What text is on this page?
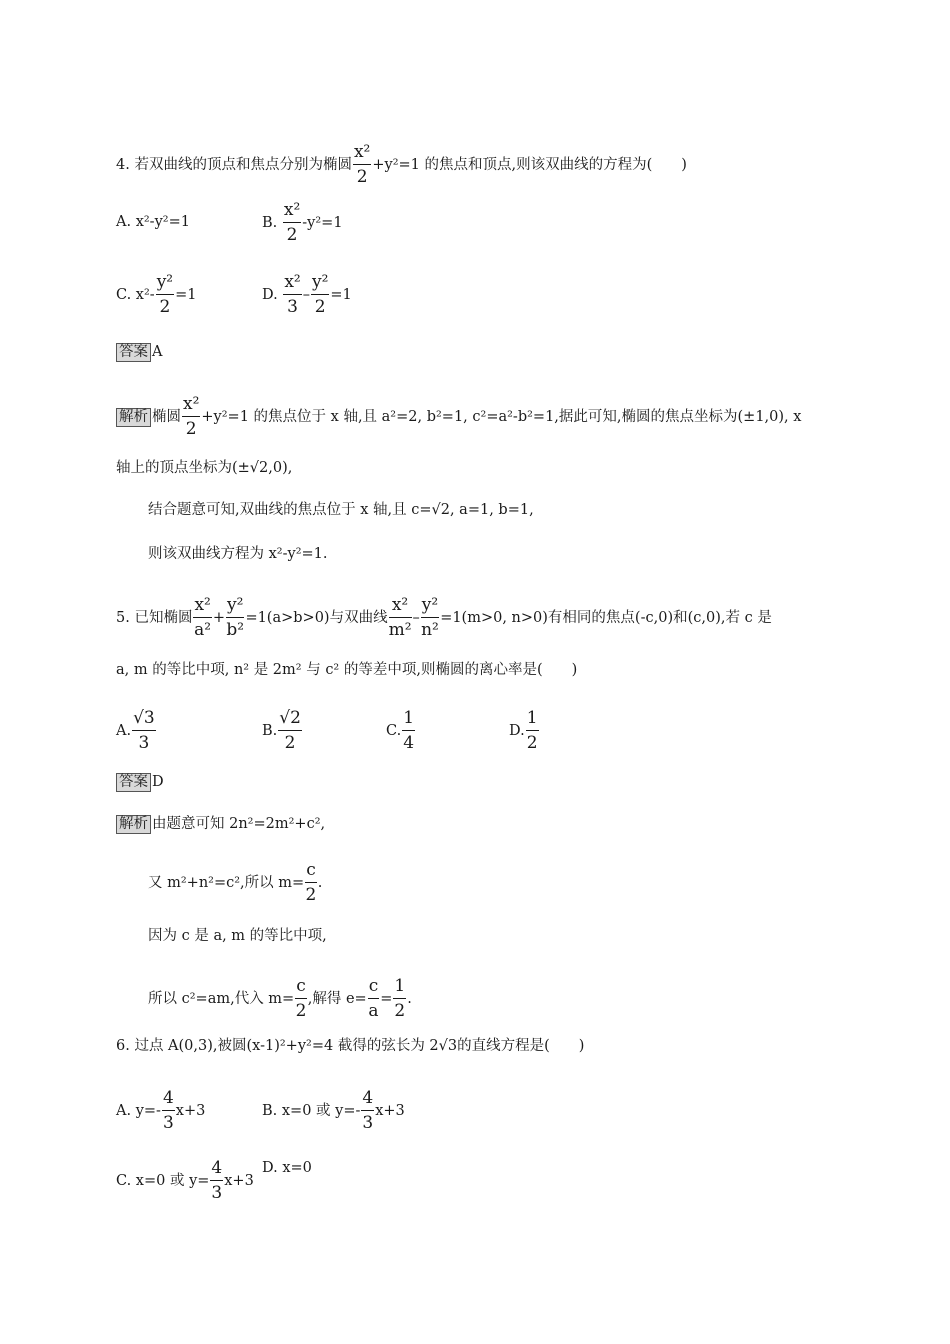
4. 若双曲线的顶点和焦点分别为椭圆 $\frac{\text{x²}}{2} +y^2=1$ 的焦点和顶点,则该双曲线的方程为(　　)
A. x²-y²=1	B. $\frac{\text{x²}}{2} -y^2=1$
C. $x^2- \frac{\text{y²}}{2} =1$	D. $\frac{\text{x²}}{3} - \frac{\text{y²}}{2} =1$
答案 A
解析 椭圆 $\frac{\text{x²}}{2} +y^2=1$ 的焦点位于 x 轴,且 a²=2, b²=1, c²=a²-b²=1,据此可知,椭圆的焦点坐标为(±1,0), x
轴上的顶点坐标为(±√2,0),
结合题意可知,双曲线的焦点位于 x 轴,且 c=√2, a=1, b=1,
则该双曲线方程为 x²-y²=1.
5. 已知椭圆 $\frac{\text{x²}}{\text{a²}} + \frac{\text{y²}}{\text{b²}} =1(a>b>0)$与双曲线 $\frac{\text{x²}}{\text{m²}} - \frac{\text{y²}}{\text{n²}} =1(m>0$, n>0)有相同的焦点(-c,0)和(c,0),若 c 是
a, m 的等比中项, n² 是 2m² 与 c² 的等差中项,则椭圆的离心率是(　　)
A. $\frac{√3}{3}$	B. $\frac{√2}{2}$	C. $\frac{1}{4}$	D. $\frac{1}{2}$
答案 D
解析 由题意可知 2n²=2m²+c²,
又 m²+n²=c²,所以 $m= \frac{c}{2}$ .
因为 c 是 a, m 的等比中项,
所以 c²=am,代入 $m= \frac{c}{2}$ ,解得 $e= \frac{c}{a} = \frac{1}{2}$ .
6. 过点 A(0,3),被圆(x-1)²+y²=4 截得的弦长为 2√3的直线方程是(　　)
A. $y=- \frac{4}{3} x+3$	B. x=0 或 $y=- \frac{4}{3} x+3$
C. x=0 或 $y= \frac{4}{3} x+3$
D. x=0
